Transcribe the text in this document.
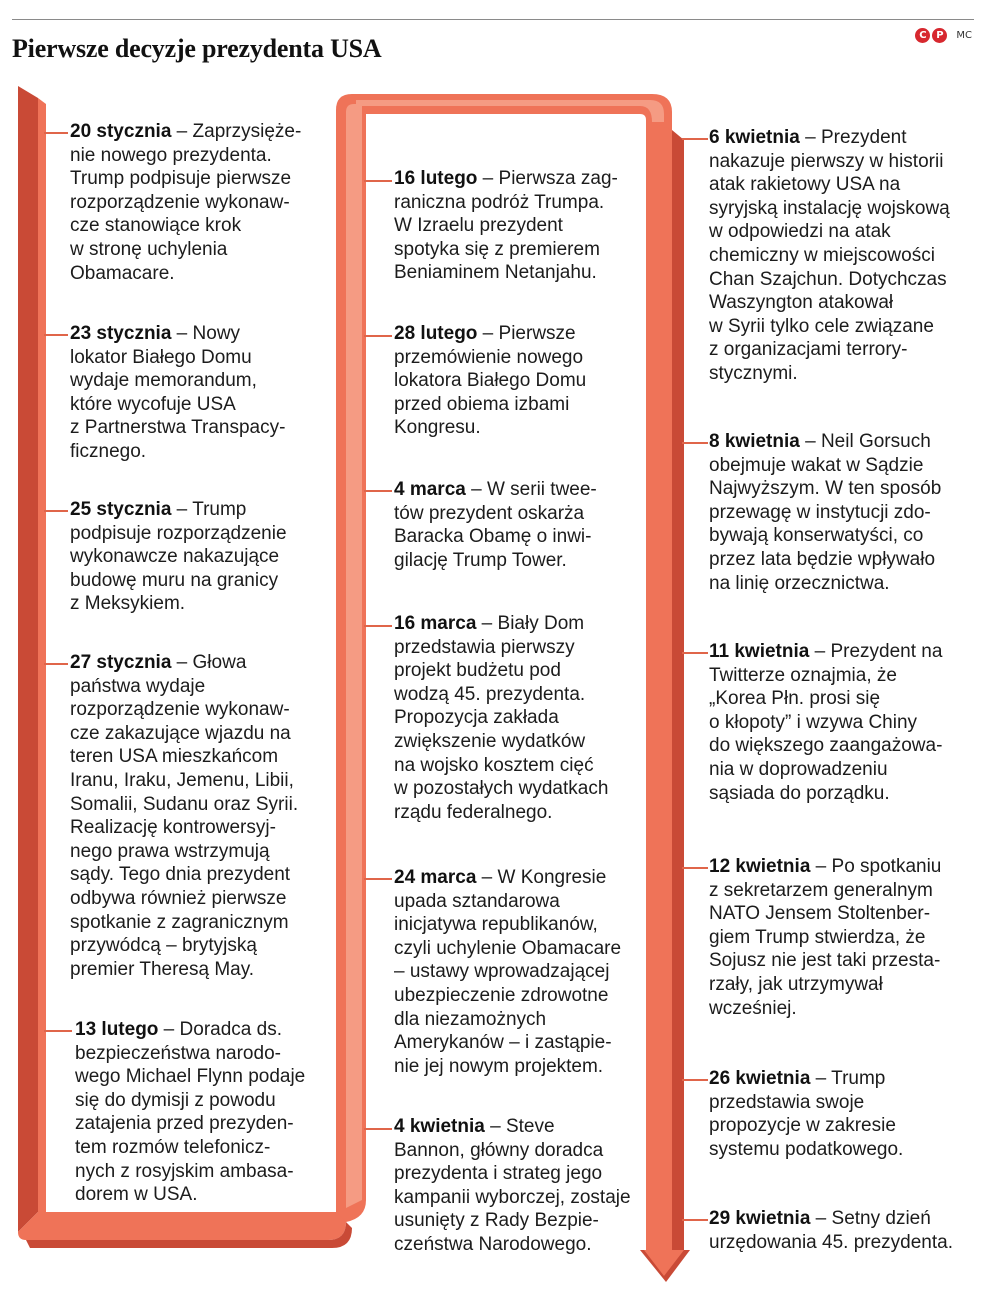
Pierwsze decyzje prezydenta USA	C P	MC
20 stycznia – Zaprzysięże-
nie nowego prezydenta.
Trump podpisuje pierwsze
rozporządzenie wykonaw-
cze stanowiące krok
w stronę uchylenia
Obamacare.
23 stycznia – Nowy
lokator Białego Domu
wydaje memorandum,
które wycofuje USA
z Partnerstwa Transpacy-
ficznego.
25 stycznia – Trump
podpisuje rozporządzenie
wykonawcze nakazujące
budowę muru na granicy
z Meksykiem.
27 stycznia – Głowa
państwa wydaje
rozporządzenie wykonaw-
cze zakazujące wjazdu na
teren USA mieszkańcom
Iranu, Iraku, Jemenu, Libii,
Somalii, Sudanu oraz Syrii.
Realizację kontrowersyj-
nego prawa wstrzymują
sądy. Tego dnia prezydent
odbywa również pierwsze
spotkanie z zagranicznym
przywódcą – brytyjską
premier Theresą May.
13 lutego – Doradca ds.
bezpieczeństwa narodo-
wego Michael Flynn podaje
się do dymisji z powodu
zatajenia przed prezyden-
tem rozmów telefonicz-
nych z rosyjskim ambasa-
dorem w USA.
16 lutego – Pierwsza zag-
raniczna podróż Trumpa.
W Izraelu prezydent
spotyka się z premierem
Beniaminem Netanjahu.
28 lutego – Pierwsze
przemówienie nowego
lokatora Białego Domu
przed obiema izbami
Kongresu.
4 marca – W serii twee-
tów prezydent oskarża
Baracka Obamę o inwi-
gilację Trump Tower.
16 marca – Biały Dom
przedstawia pierwszy
projekt budżetu pod
wodzą 45. prezydenta.
Propozycja zakłada
zwiększenie wydatków
na wojsko kosztem cięć
w pozostałych wydatkach
rządu federalnego.
24 marca – W Kongresie
upada sztandarowa
inicjatywa republikanów,
czyli uchylenie Obamacare
– ustawy wprowadzającej
ubezpieczenie zdrowotne
dla niezamożnych
Amerykanów – i zastąpie-
nie jej nowym projektem.
4 kwietnia – Steve
Bannon, główny doradca
prezydenta i strateg jego
kampanii wyborczej, zostaje
usunięty z Rady Bezpie-
czeństwa Narodowego.
6 kwietnia – Prezydent
nakazuje pierwszy w historii
atak rakietowy USA na
syryjską instalację wojskową
w odpowiedzi na atak
chemiczny w miejscowości
Chan Szajchun. Dotychczas
Waszyngton atakował
w Syrii tylko cele związane
z organizacjami terrory-
stycznymi.
8 kwietnia – Neil Gorsuch
obejmuje wakat w Sądzie
Najwyższym. W ten sposób
przewagę w instytucji zdo-
bywają konserwatyści, co
przez lata będzie wpływało
na linię orzecznictwa.
11 kwietnia – Prezydent na
Twitterze oznajmia, że
„Korea Płn. prosi się
o kłopoty” i wzywa Chiny
do większego zaangażowa-
nia w doprowadzeniu
sąsiada do porządku.
12 kwietnia – Po spotkaniu
z sekretarzem generalnym
NATO Jensem Stoltenber-
giem Trump stwierdza, że
Sojusz nie jest taki przesta-
rzały, jak utrzymywał
wcześniej.
26 kwietnia – Trump
przedstawia swoje
propozycje w zakresie
systemu podatkowego.
29 kwietnia – Setny dzień
urzędowania 45. prezydenta.
